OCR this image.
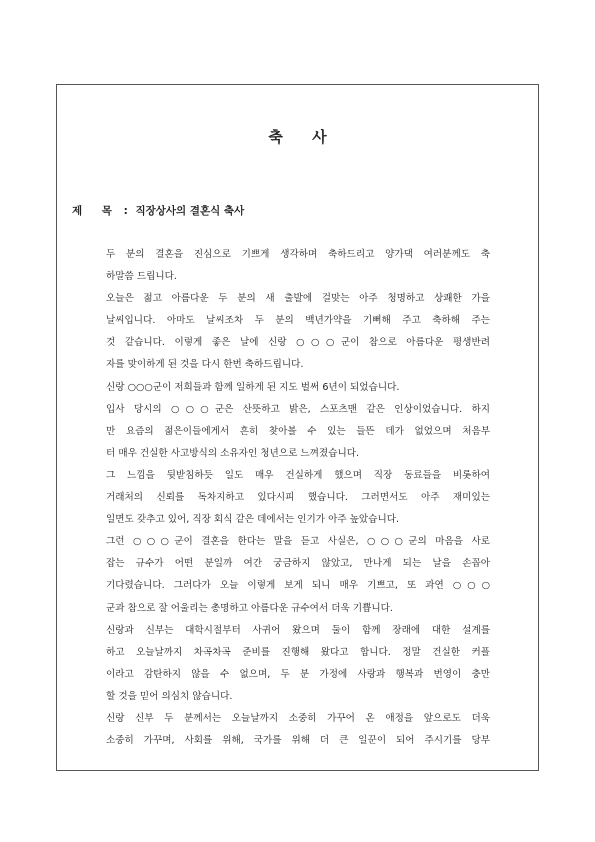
축 사
제 목 : 직장상사의 결혼식 축사
두 분의 결혼을 진심으로 기쁘게 생각하며 축하드리고 양가댁 여러분께도 축
하말씀 드립니다.
오늘은 젊고 아름다운 두 분의 새 출발에 걸맞는 아주 청명하고 상쾌한 가을
날씨입니다. 아마도 날씨조차 두 분의 백년가약을 기뻐해 주고 축하해 주는
것 같습니다. 이렇게 좋은 날에 신랑 ○○○군이 참으로 아름다운 평생반려
자를 맞이하게 된 것을 다시 한번 축하드립니다.
신랑 ○○○군이 저희들과 함께 일하게 된 지도 벌써 6년이 되었습니다.
입사 당시의 ○○○군은 산뜻하고 밝은, 스포츠맨 같은 인상이었습니다. 하지
만 요즘의 젊은이들에게서 흔히 찾아볼 수 있는 들뜬 데가 없었으며 처음부
터 매우 건실한 사고방식의 소유자인 청년으로 느껴졌습니다.
그 느낌을 뒷받침하듯 일도 매우 건실하게 했으며 직장 동료들을 비롯하여
거래처의 신뢰를 독차지하고 있다시피 했습니다. 그러면서도 아주 재미있는
일면도 갖추고 있어, 직장 회식 같은 데에서는 인기가 아주 높았습니다.
그런 ○○○군이 결혼을 한다는 말을 듣고 사실은, ○○○군의 마음을 사로
잡는 규수가 어떤 분일까 여간 궁금하지 않았고, 만나게 되는 날을 손꼽아
기다렸습니다. 그러다가 오늘 이렇게 보게 되니 매우 기쁘고, 또 과연 ○○○
군과 참으로 잘 어울리는 총명하고 아름다운 규수여서 더욱 기쁩니다.
신랑과 신부는 대학시절부터 사귀어 왔으며 둘이 함께 장래에 대한 설계를
하고 오늘날까지 차곡차곡 준비를 진행해 왔다고 합니다. 정말 건실한 커플
이라고 감탄하지 않을 수 없으며, 두 분 가정에 사랑과 행복과 번영이 충만
할 것을 믿어 의심치 않습니다.
신랑 신부 두 분께서는 오늘날까지 소중히 가꾸어 온 애정을 앞으로도 더욱
소중히 가꾸며, 사회를 위해, 국가를 위해 더 큰 일꾼이 되어 주시기를 당부
